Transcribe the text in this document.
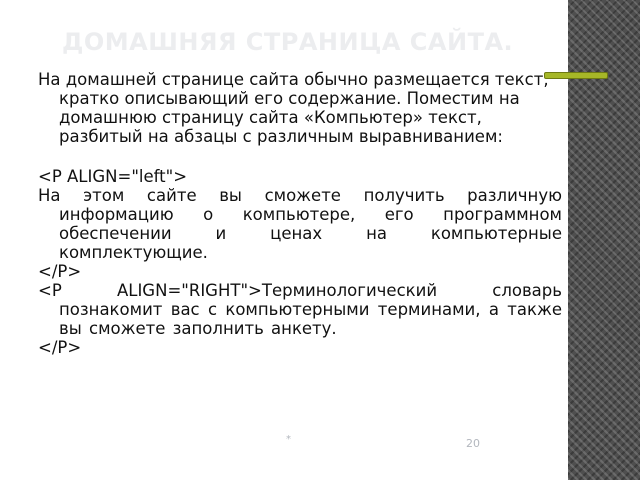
ДОМАШНЯЯ СТРАНИЦА САЙТА.

На домашней странице сайта обычно размещается текст, кратко описывающий его содержание. Поместим на домашнюю страницу сайта «Компьютер» текст, разбитый на абзацы с различным выравниванием:

<P ALIGN="left">

На этом сайте вы сможете получить различную информацию о компьютере, его программном обеспечении и ценах на компьютерные комплектующие.

</P>

<P ALIGN="RIGHT">Терминологический словарь познакомит вас с компьютерными терминами, а также вы сможете заполнить анкету.

</P>

*	20
